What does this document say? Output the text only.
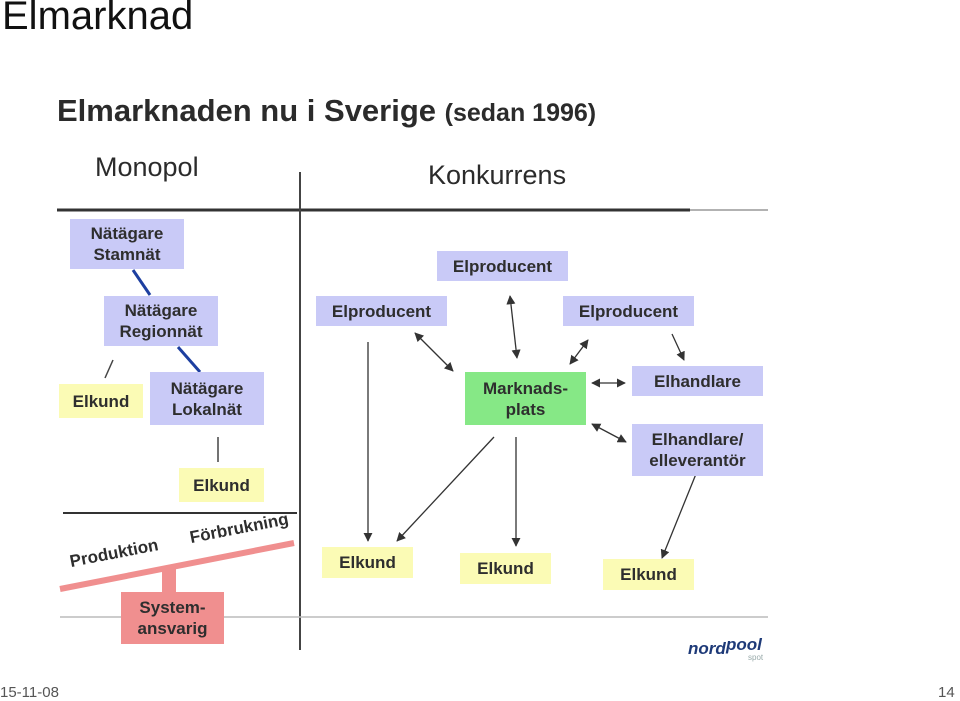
Elmarknad
Elmarknaden nu i Sverige (sedan 1996)
Monopol	Konkurrens
Nätägare
Stamnät
Nätägare
Regionnät
Elkund
Nätägare
Lokalnät
Elkund
Produktion
Förbrukning
System-
ansvarig
Elproducent
Elproducent	Elproducent
Marknads-
plats
Elhandlare
Elhandlare/
elleverantör
Elkund	Elkund	Elkund
nord pool
spot
15-11-08	14
